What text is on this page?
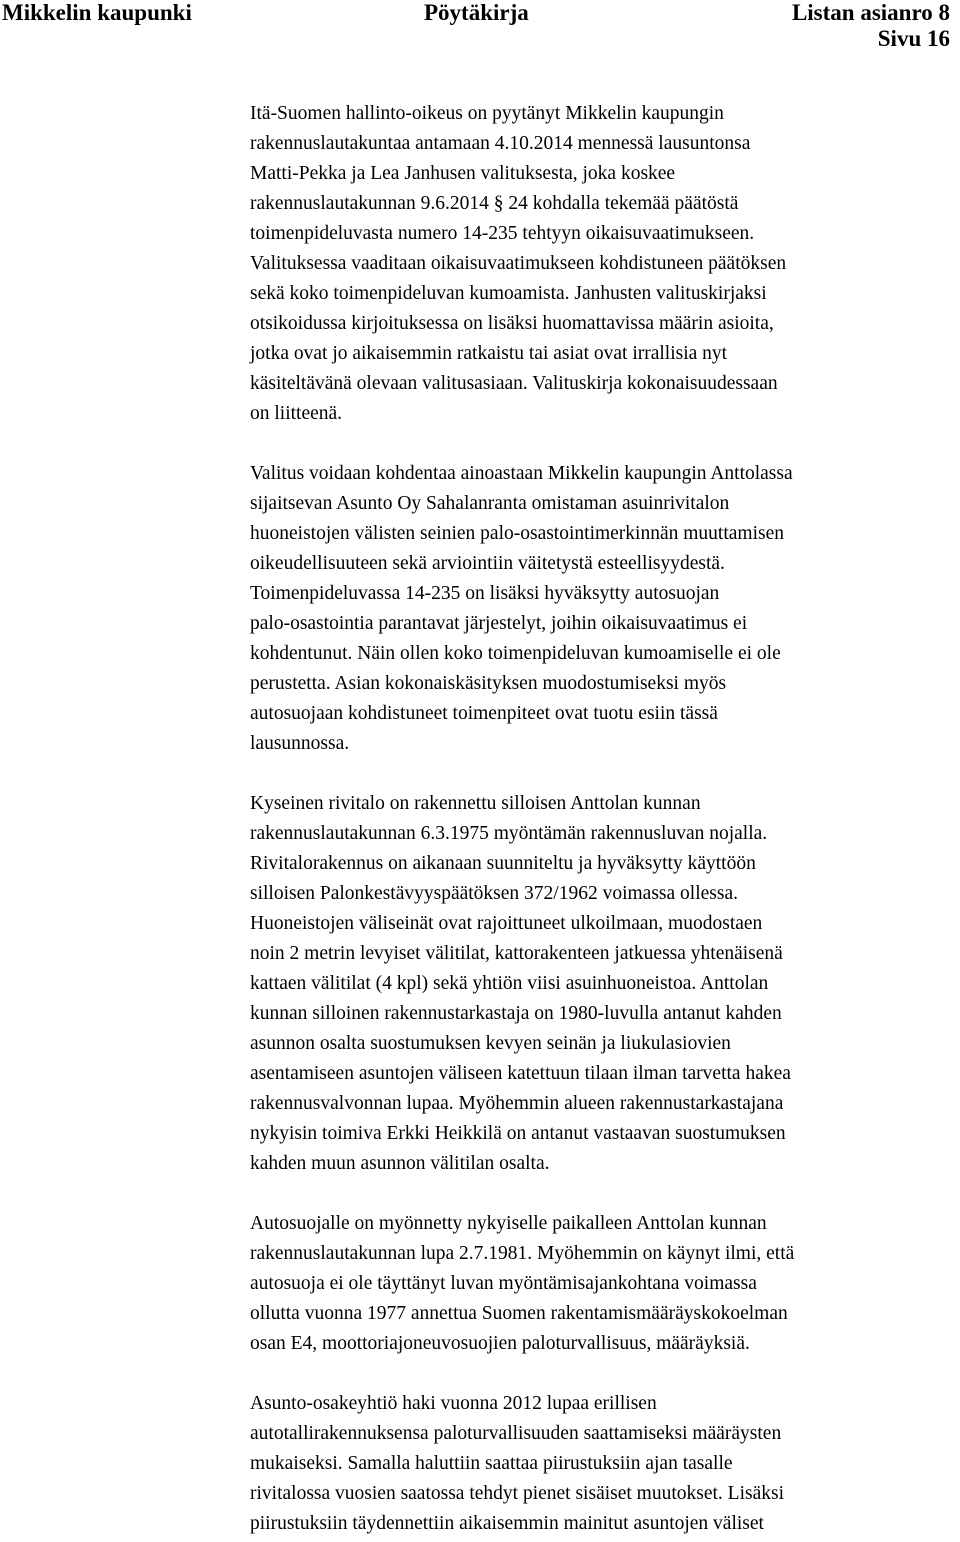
Mikkelin kaupunki	Pöytäkirja	Listan asianro 8
Sivu 16

Itä-Suomen hallinto-oikeus on pyytänyt Mikkelin kaupungin
rakennuslautakuntaa antamaan 4.10.2014 mennessä lausuntonsa
Matti-Pekka ja Lea Janhusen valituksesta, joka koskee
rakennuslautakunnan 9.6.2014 § 24 kohdalla tekemää päätöstä
toimenpideluvasta numero 14-235 tehtyyn oikaisuvaatimukseen.
Valituksessa vaaditaan oikaisuvaatimukseen kohdistuneen päätöksen
sekä koko toimenpideluvan kumoamista. Janhusten valituskirjaksi
otsikoidussa kirjoituksessa on lisäksi huomattavissa määrin asioita,
jotka ovat jo aikaisemmin ratkaistu tai asiat ovat irrallisia nyt
käsiteltävänä olevaan valitusasiaan. Valituskirja kokonaisuudessaan
on liitteenä.

Valitus voidaan kohdentaa ainoastaan Mikkelin kaupungin Anttolassa
sijaitsevan Asunto Oy Sahalanranta omistaman asuinrivitalon
huoneistojen välisten seinien palo-osastointimerkinnän muuttamisen
oikeudellisuuteen sekä arviointiin väitetystä esteellisyydestä.
Toimenpideluvassa 14-235 on lisäksi hyväksytty autosuojan
palo-osastointia parantavat järjestelyt, joihin oikaisuvaatimus ei
kohdentunut. Näin ollen koko toimenpideluvan kumoamiselle ei ole
perustetta. Asian kokonaiskäsityksen muodostumiseksi myös
autosuojaan kohdistuneet toimenpiteet ovat tuotu esiin tässä
lausunnossa.

Kyseinen rivitalo on rakennettu silloisen Anttolan kunnan
rakennuslautakunnan 6.3.1975 myöntämän rakennusluvan nojalla.
Rivitalorakennus on aikanaan suunniteltu ja hyväksytty käyttöön
silloisen Palonkestävyyspäätöksen 372/1962 voimassa ollessa.
Huoneistojen väliseinät ovat rajoittuneet ulkoilmaan, muodostaen
noin 2 metrin levyiset välitilat, kattorakenteen jatkuessa yhtenäisenä
kattaen välitilat (4 kpl) sekä yhtiön viisi asuinhuoneistoa. Anttolan
kunnan silloinen rakennustarkastaja on 1980-luvulla antanut kahden
asunnon osalta suostumuksen kevyen seinän ja liukulasiovien
asentamiseen asuntojen väliseen katettuun tilaan ilman tarvetta hakea
rakennusvalvonnan lupaa. Myöhemmin alueen rakennustarkastajana
nykyisin toimiva Erkki Heikkilä on antanut vastaavan suostumuksen
kahden muun asunnon välitilan osalta.

Autosuojalle on myönnetty nykyiselle paikalleen Anttolan kunnan
rakennuslautakunnan lupa 2.7.1981. Myöhemmin on käynyt ilmi, että
autosuoja ei ole täyttänyt luvan myöntämisajankohtana voimassa
ollutta vuonna 1977 annettua Suomen rakentamismääräyskokoelman
osan E4, moottoriajoneuvosuojien paloturvallisuus, määräyksiä.

Asunto-osakeyhtiö haki vuonna 2012 lupaa erillisen
autotallirakennuksensa paloturvallisuuden saattamiseksi määräysten
mukaiseksi. Samalla haluttiin saattaa piirustuksiin ajan tasalle
rivitalossa vuosien saatossa tehdyt pienet sisäiset muutokset. Lisäksi
piirustuksiin täydennettiin aikaisemmin mainitut asuntojen väliset
